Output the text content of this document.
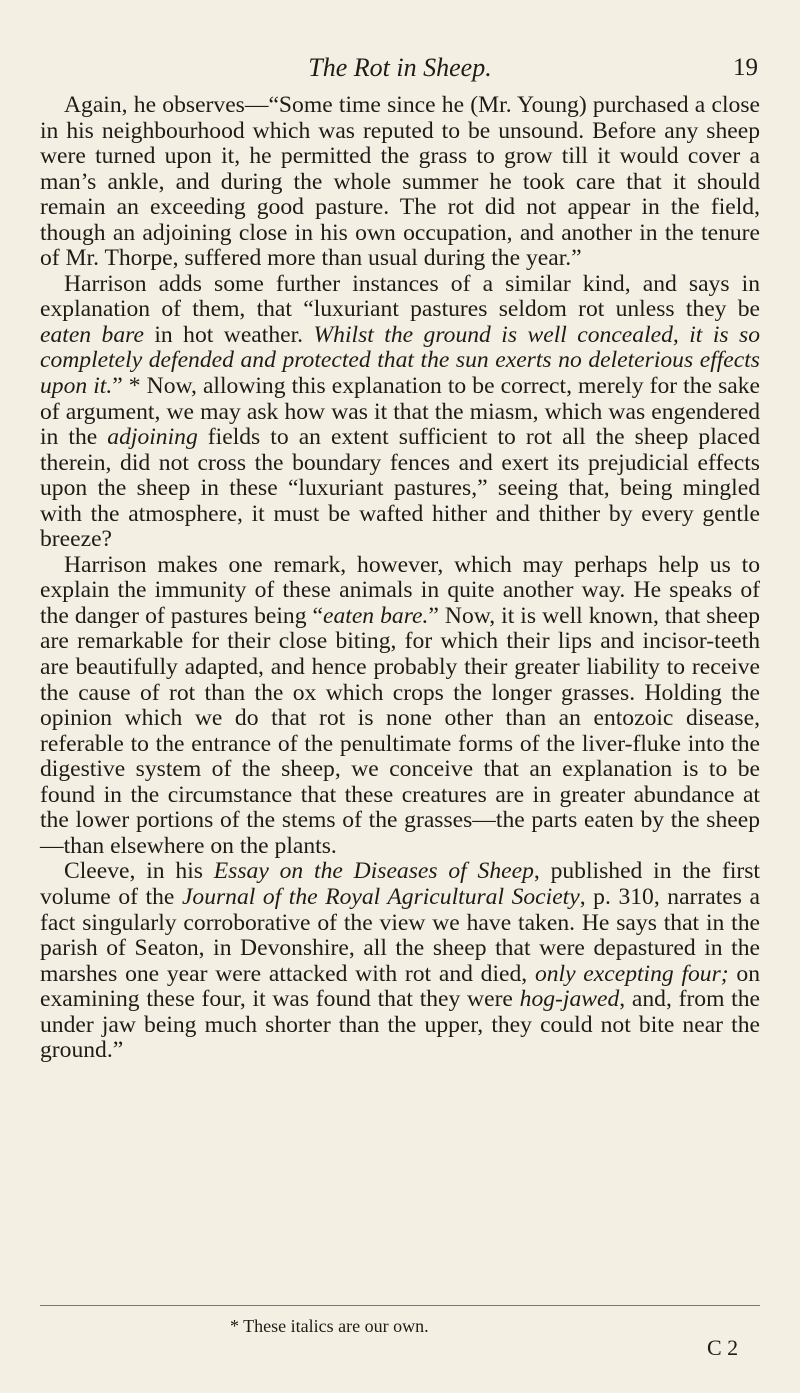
The Rot in Sheep.	19

Again, he observes—“Some time since he (Mr. Young) purchased a close in his neighbourhood which was reputed to be unsound. Before any sheep were turned upon it, he permitted the grass to grow till it would cover a man’s ankle, and during the whole summer he took care that it should remain an exceeding good pasture. The rot did not appear in the field, though an adjoining close in his own occupation, and another in the tenure of Mr. Thorpe, suffered more than usual during the year.”

Harrison adds some further instances of a similar kind, and says in explanation of them, that “luxuriant pastures seldom rot unless they be eaten bare in hot weather. Whilst the ground is well concealed, it is so completely defended and protected that the sun exerts no deleterious effects upon it.” * Now, allowing this explanation to be correct, merely for the sake of argument, we may ask how was it that the miasm, which was engendered in the adjoining fields to an extent sufficient to rot all the sheep placed therein, did not cross the boundary fences and exert its prejudicial effects upon the sheep in these “luxuriant pastures,” seeing that, being mingled with the atmosphere, it must be wafted hither and thither by every gentle breeze?

Harrison makes one remark, however, which may perhaps help us to explain the immunity of these animals in quite another way. He speaks of the danger of pastures being “eaten bare.” Now, it is well known, that sheep are remarkable for their close biting, for which their lips and incisor-teeth are beautifully adapted, and hence probably their greater liability to receive the cause of rot than the ox which crops the longer grasses. Holding the opinion which we do that rot is none other than an entozoic disease, referable to the entrance of the penultimate forms of the liver-fluke into the digestive system of the sheep, we conceive that an explanation is to be found in the circumstance that these creatures are in greater abundance at the lower portions of the stems of the grasses—the parts eaten by the sheep—than elsewhere on the plants.

Cleeve, in his Essay on the Diseases of Sheep, published in the first volume of the Journal of the Royal Agricultural Society, p. 310, narrates a fact singularly corroborative of the view we have taken. He says that in the parish of Seaton, in Devonshire, all the sheep that were depastured in the marshes one year were attacked with rot and died, only excepting four; on examining these four, it was found that they were hog-jawed, and, from the under jaw being much shorter than the upper, they could not bite near the ground.”

* These italics are our own.
C 2
